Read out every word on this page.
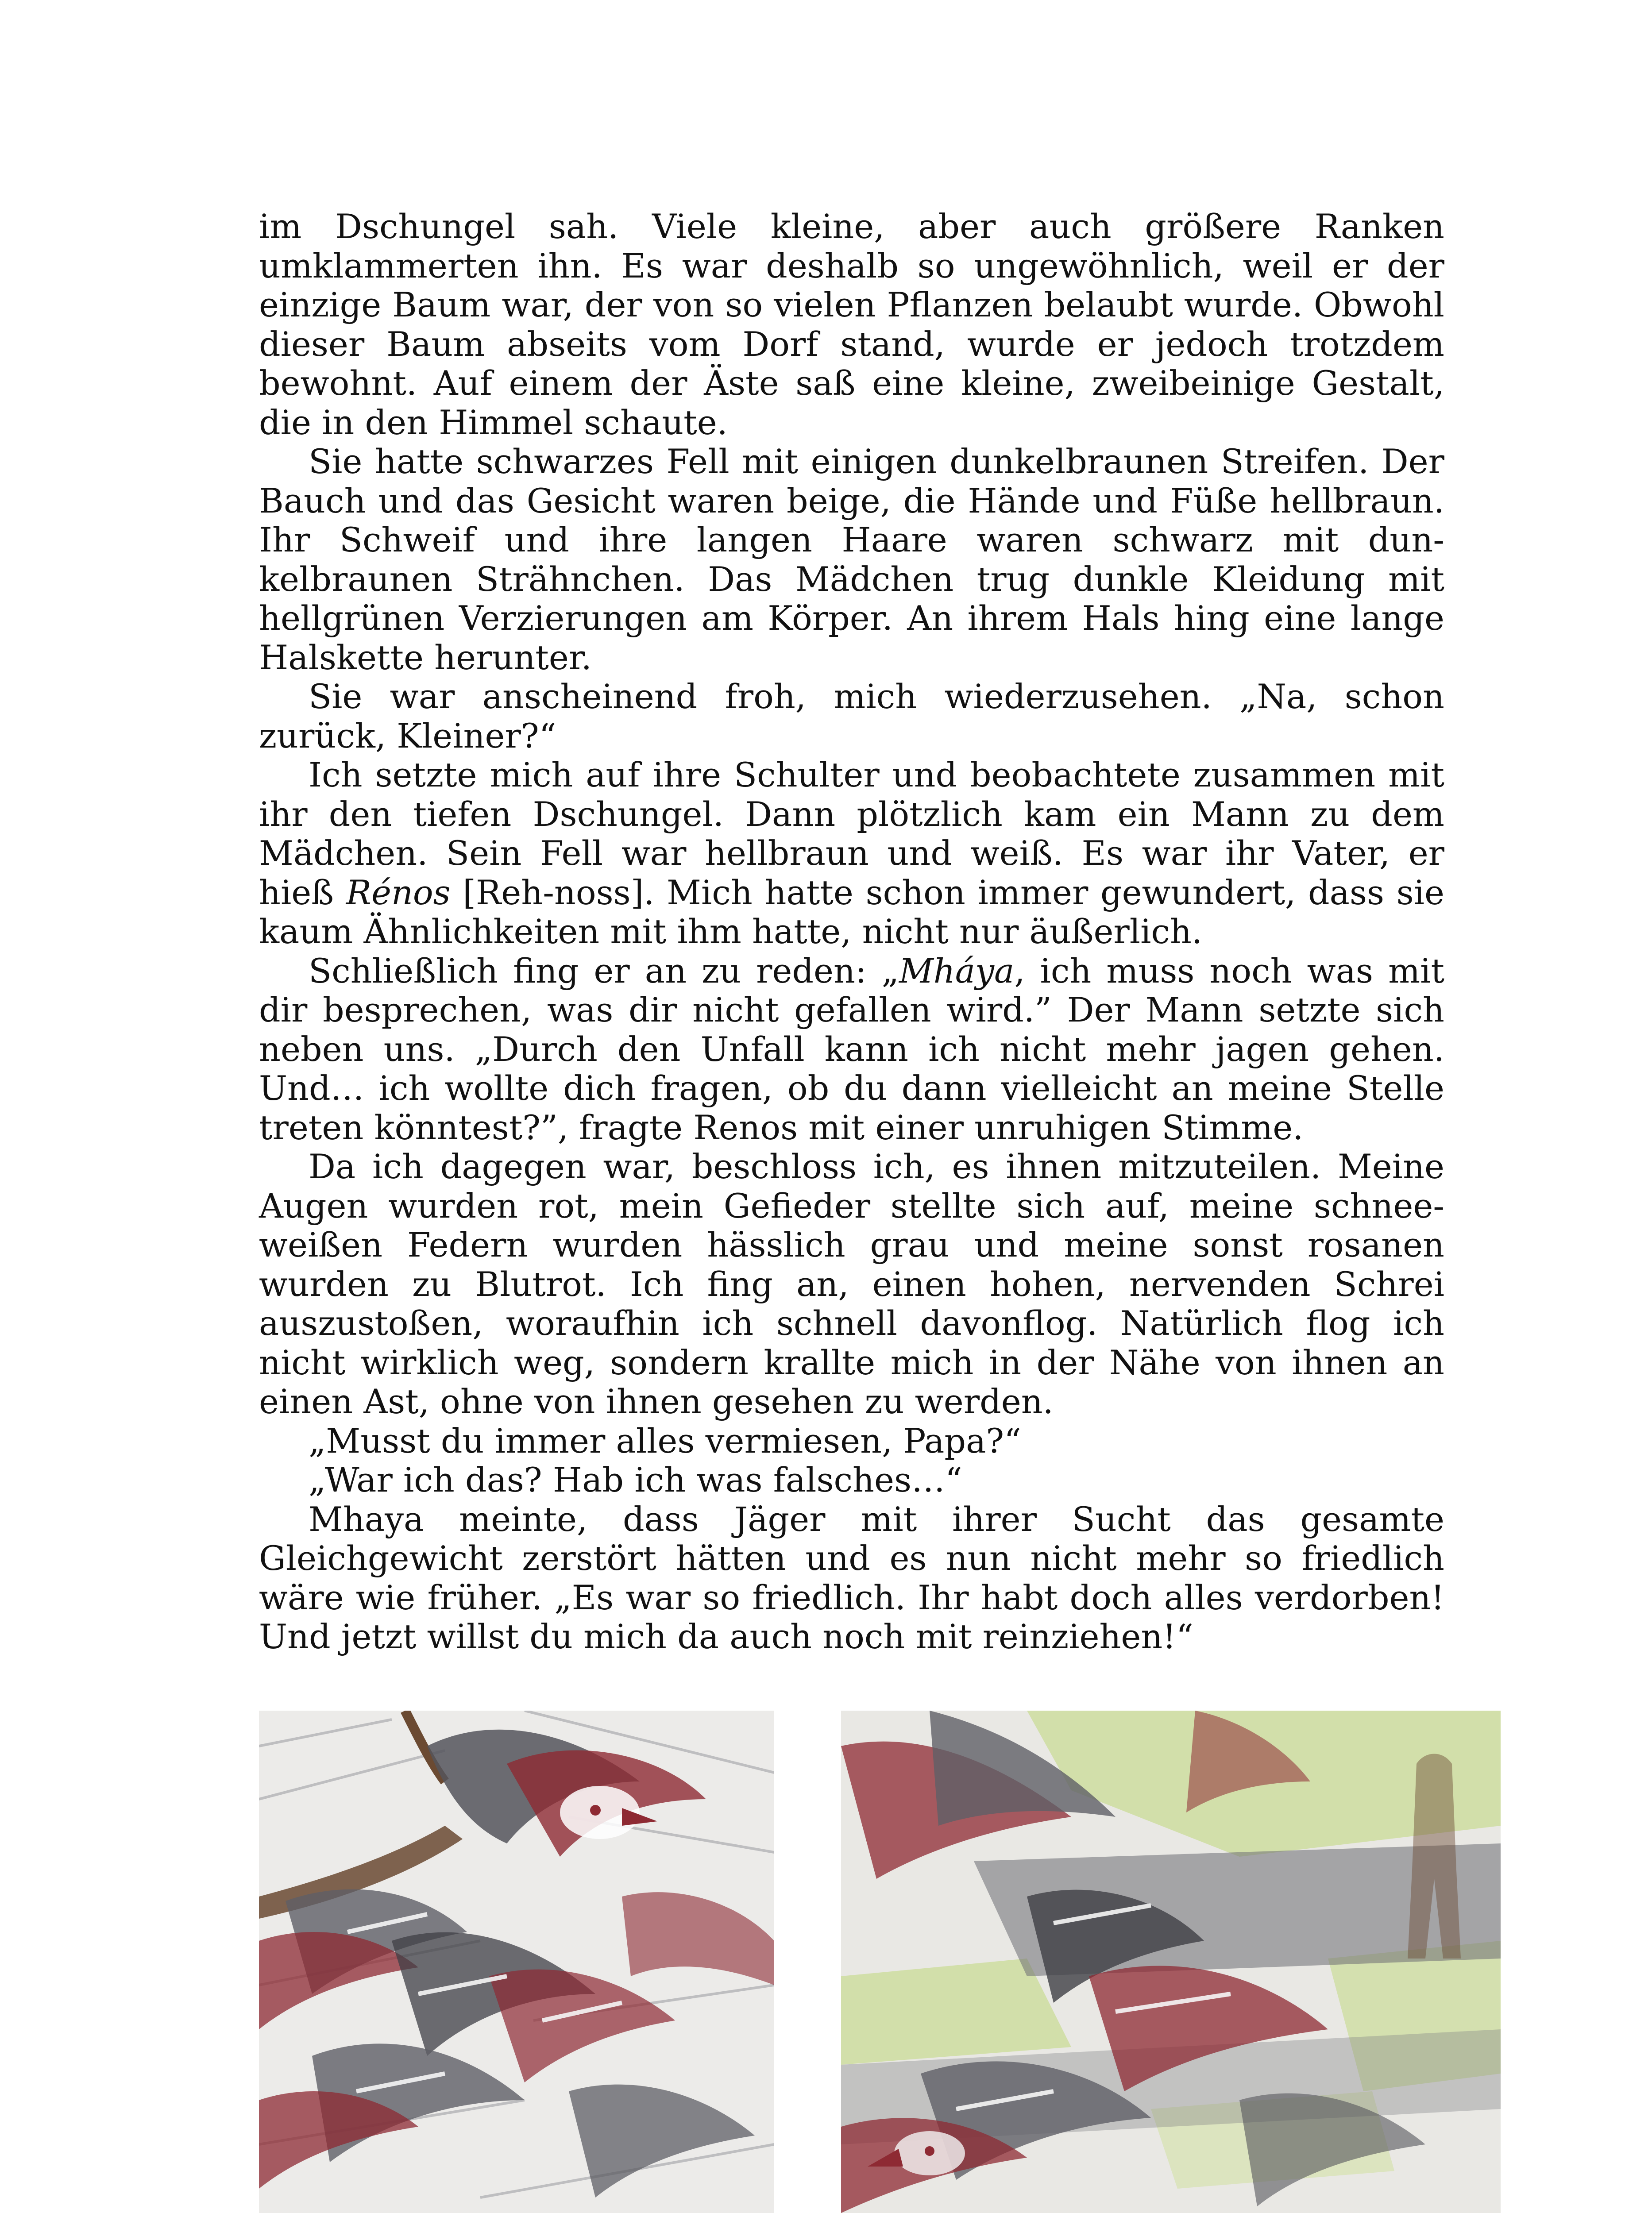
im Dschungel sah. Viele kleine, aber auch größere Ranken umklammerten ihn. Es war deshalb so ungewöhnlich, weil er der einzige Baum war, der von so vielen Pflanzen belaubt wurde. Obwohl dieser Baum abseits vom Dorf stand, wurde er jedoch trotzdem bewohnt. Auf einem der Äste saß eine kleine, zweibeinige Gestalt, die in den Himmel schaute.

Sie hatte schwarzes Fell mit einigen dunkelbraunen Streifen. Der Bauch und das Gesicht waren beige, die Hände und Füße hellbraun. Ihr Schweif und ihre langen Haare waren schwarz mit dunkelbraunen Strähnchen. Das Mädchen trug dunkle Kleidung mit hellgrünen Verzierungen am Körper. An ihrem Hals hing eine lange Halskette herunter.

Sie war anscheinend froh, mich wiederzusehen. „Na, schon zurück, Kleiner?“

Ich setzte mich auf ihre Schulter und beobachtete zusammen mit ihr den tiefen Dschungel. Dann plötzlich kam ein Mann zu dem Mädchen. Sein Fell war hellbraun und weiß. Es war ihr Vater, er hieß Rénos [Reh-noss]. Mich hatte schon immer gewundert, dass sie kaum Ähnlichkeiten mit ihm hatte, nicht nur äußerlich.

Schließlich fing er an zu reden: „Mháya, ich muss noch was mit dir besprechen, was dir nicht gefallen wird.” Der Mann setzte sich neben uns. „Durch den Unfall kann ich nicht mehr jagen gehen. Und… ich wollte dich fragen, ob du dann vielleicht an meine Stelle treten könntest?”, fragte Renos mit einer unruhigen Stimme.

Da ich dagegen war, beschloss ich, es ihnen mitzuteilen. Meine Augen wurden rot, mein Gefieder stellte sich auf, meine schneeweißen Federn wurden hässlich grau und meine sonst rosanen wurden zu Blutrot. Ich fing an, einen hohen, nervenden Schrei auszustoßen, woraufhin ich schnell davonflog. Natürlich flog ich nicht wirklich weg, sondern krallte mich in der Nähe von ihnen an einen Ast, ohne von ihnen gesehen zu werden.

„Musst du immer alles vermiesen, Papa?“

„War ich das? Hab ich was falsches…“

Mhaya meinte, dass Jäger mit ihrer Sucht das gesamte Gleichgewicht zerstört hätten und es nun nicht mehr so friedlich wäre wie früher. „Es war so friedlich. Ihr habt doch alles verdorben! Und jetzt willst du mich da auch noch mit reinziehen!“
